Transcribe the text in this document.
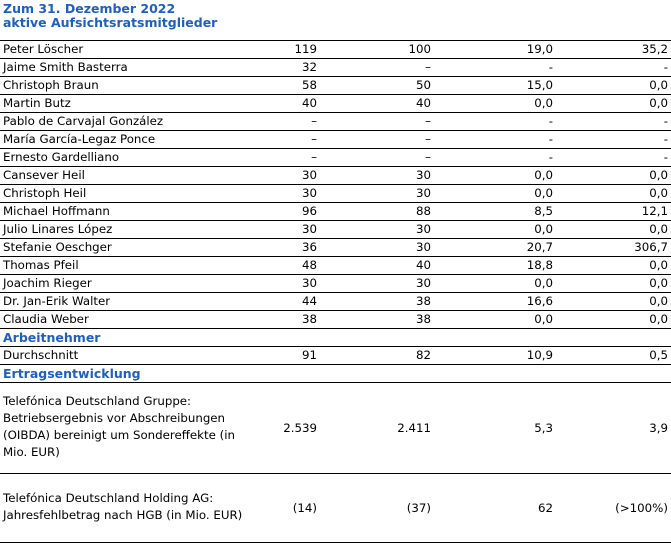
Zum 31. Dezember 2022
aktive Aufsichtsratsmitglieder
Peter Löscher	119	100	19,0	35,2
Jaime Smith Basterra	32	–	-	-
Christoph Braun	58	50	15,0	0,0
Martin Butz	40	40	0,0	0,0
Pablo de Carvajal González	–	–	-	-
María García-Legaz Ponce	–	–	-	-
Ernesto Gardelliano	–	–	-	-
Cansever Heil	30	30	0,0	0,0
Christoph Heil	30	30	0,0	0,0
Michael Hoffmann	96	88	8,5	12,1
Julio Linares López	30	30	0,0	0,0
Stefanie Oeschger	36	30	20,7	306,7
Thomas Pfeil	48	40	18,8	0,0
Joachim Rieger	30	30	0,0	0,0
Dr. Jan-Erik Walter	44	38	16,6	0,0
Claudia Weber	38	38	0,0	0,0
Arbeitnehmer				
Durchschnitt	91	82	10,9	0,5
Ertragsentwicklung				
Telefónica Deutschland Gruppe: Betriebsergebnis vor Abschreibungen (OIBDA) bereinigt um Sondereffekte (in Mio. EUR)	2.539	2.411	5,3	3,9
Telefónica Deutschland Holding AG: Jahresfehlbetrag nach HGB (in Mio. EUR)	(14)	(37)	62	(>100%)
